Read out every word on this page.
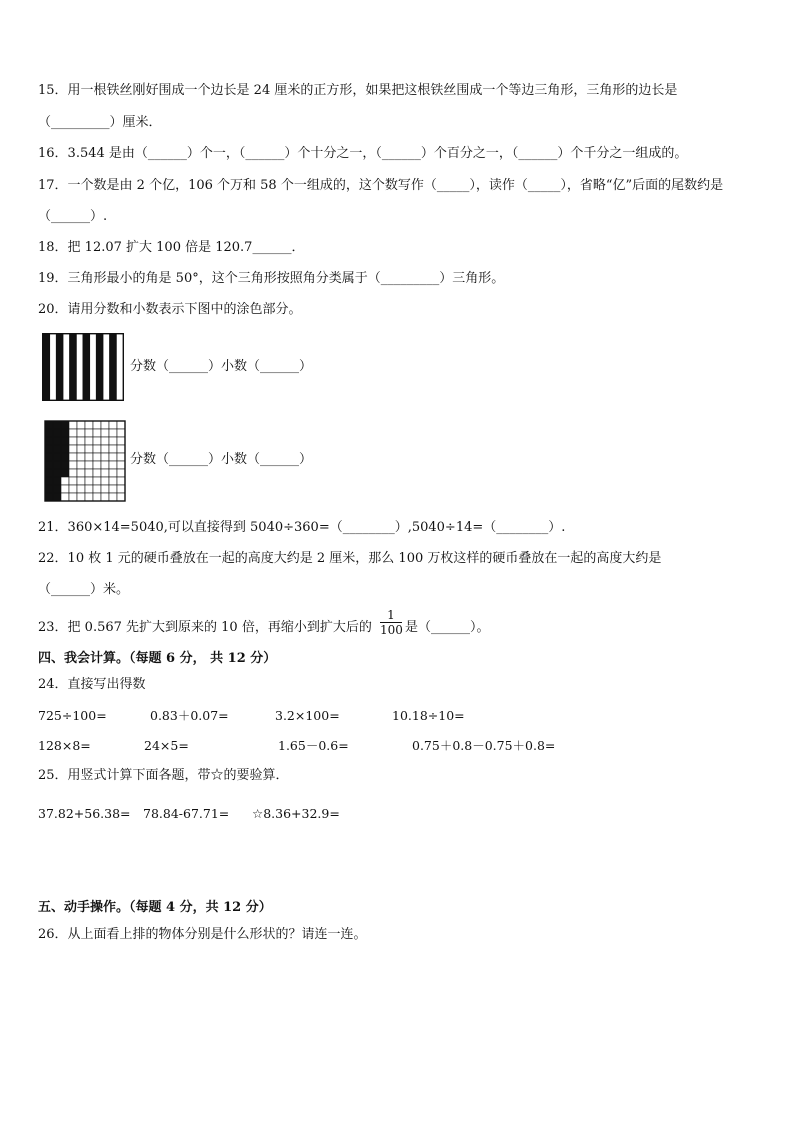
15．用一根铁丝刚好围成一个边长是 24 厘米的正方形，如果把这根铁丝围成一个等边三角形，三角形的边长是
（_________）厘米．
16．3.544 是由（______）个一，（______）个十分之一，（______）个百分之一，（______）个千分之一组成的。
17．一个数是由 2 个亿，106 个万和 58 个一组成的，这个数写作（_____），读作（_____），省略“亿”后面的尾数约是
（______）.
18．把 12.07 扩大 100 倍是 120.7______．
19．三角形最小的角是 50°，这个三角形按照角分类属于（_________）三角形。
20．请用分数和小数表示下图中的涂色部分。
分数（______）小数（______）
分数（______）小数（______）
21．360×14=5040,可以直接得到 5040÷360=（________）,5040÷14=（________）.
22．10 枚 1 元的硬币叠放在一起的高度大约是 2 厘米，那么 100 万枚这样的硬币叠放在一起的高度大约是
（______）米。
23．把 0.567 先扩大到原来的 10 倍，再缩小到扩大后的 $\frac{1}{100}$ 是（______）。
四、我会计算。（每题 6 分， 共 12 分）
24．直接写出得数
725÷100=	0.83＋0.07=	3.2×100=	10.18÷10=
128×8=	24×5=	1.65－0.6=	0.75＋0.8－0.75＋0.8=
25．用竖式计算下面各题，带☆的要验算．
37.82+56.38= 78.84-67.71= ☆8.36+32.9=
五、动手操作。（每题 4 分，共 12 分）
26．从上面看上排的物体分别是什么形状的？请连一连。
